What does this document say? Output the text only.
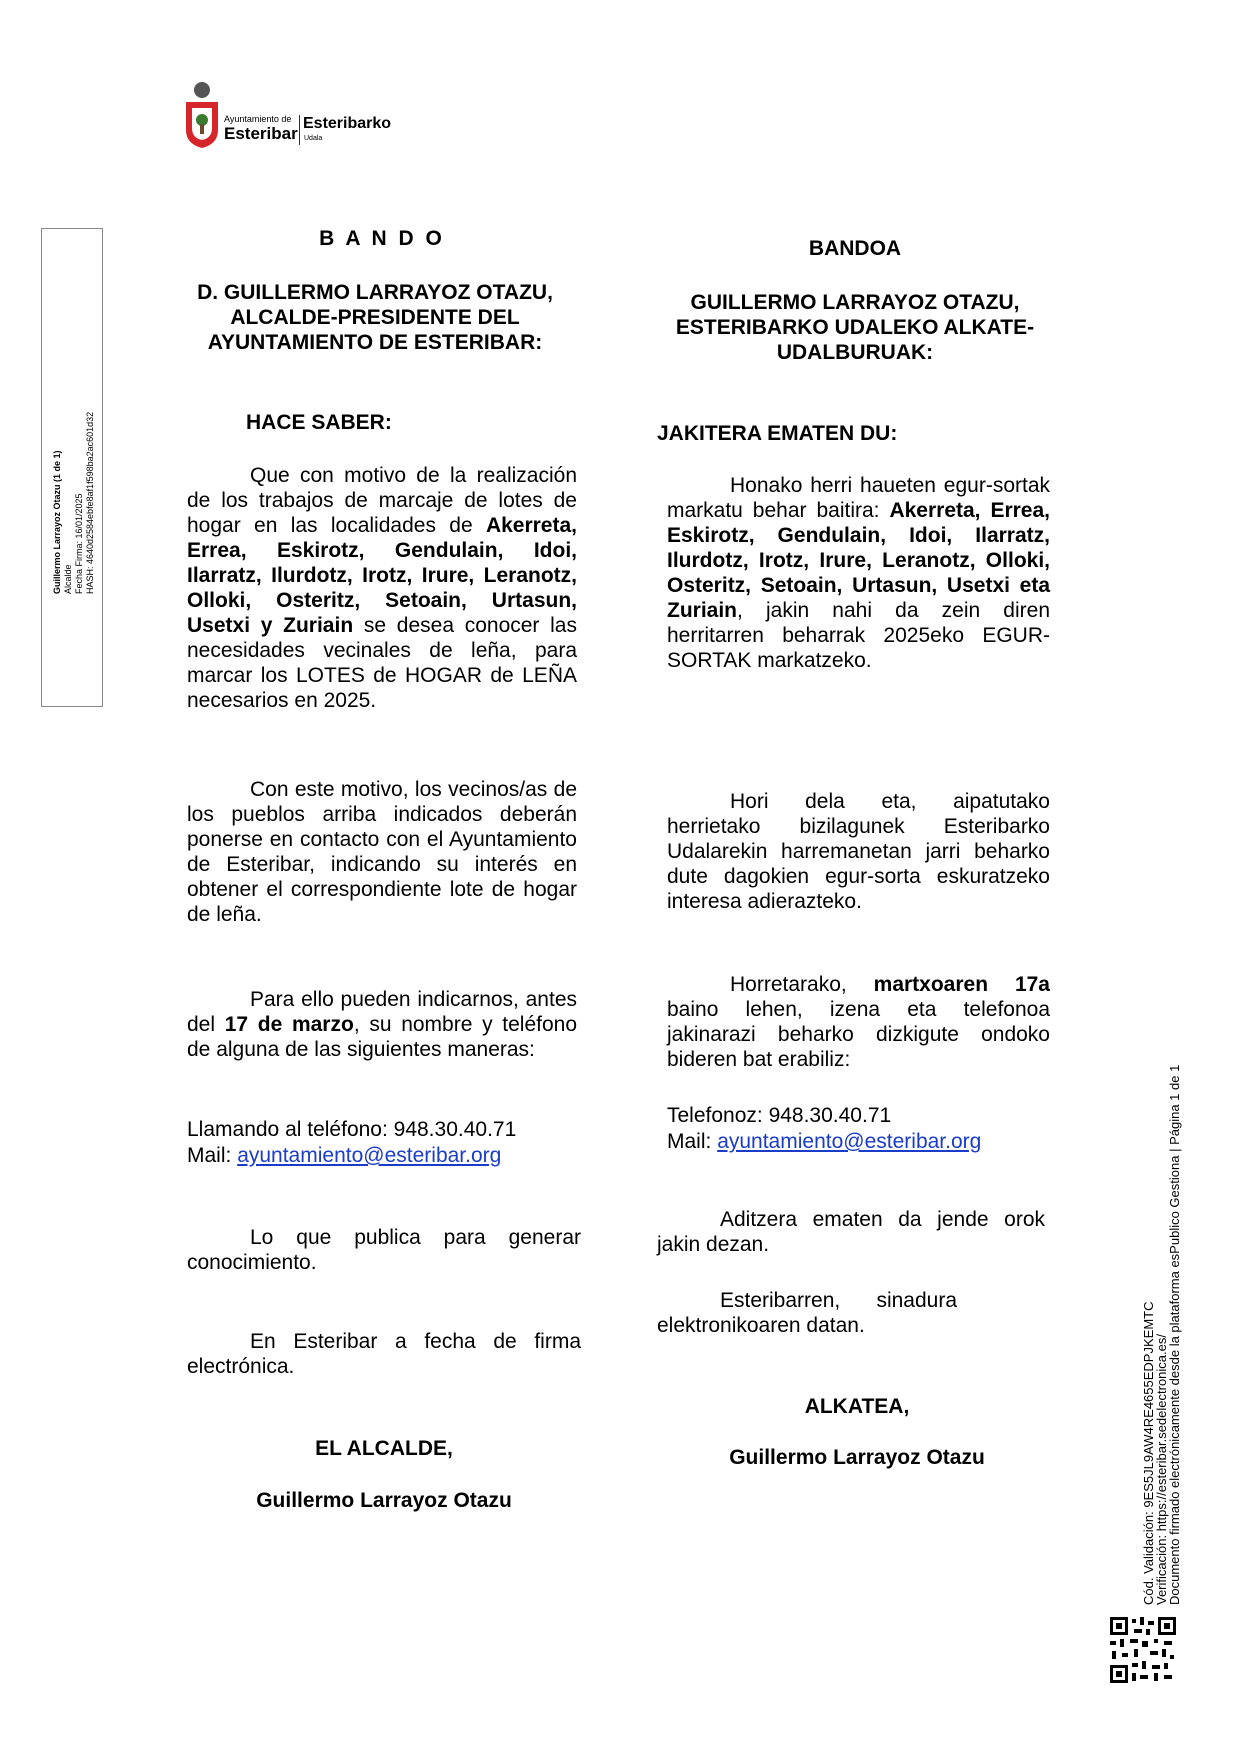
Ayuntamiento de
Esteribar
Esteribarko
Udala
Guillermo Larrayoz Otazu (1 de 1) Alcalde Fecha Firma: 16/01/2025 HASH: 4640d2584ebfe8af1f598ba2ac601d32
B A N D O
D. GUILLERMO LARRAYOZ OTAZU,
ALCALDE-PRESIDENTE DEL
AYUNTAMIENTO DE ESTERIBAR:
HACE SABER:

Que con motivo de la realización de los trabajos de marcaje de lotes de hogar en las localidades de Akerreta, Errea, Eskirotz, Gendulain, Idoi, Ilarratz, Ilurdotz, Irotz, Irure, Leranotz, Olloki, Osteritz, Setoain, Urtasun, Usetxi y Zuriain se desea conocer las necesidades vecinales de leña, para marcar los LOTES de HOGAR de LEÑA necesarios en 2025.

Con este motivo, los vecinos/as de los pueblos arriba indicados deberán ponerse en contacto con el Ayuntamiento de Esteribar, indicando su interés en obtener el correspondiente lote de hogar de leña.

Para ello pueden indicarnos, antes del 17 de marzo, su nombre y teléfono de alguna de las siguientes maneras:

Llamando al teléfono: 948.30.40.71
Mail: ayuntamiento@esteribar.org

Lo que publica para generar conocimiento.

En Esteribar a fecha de firma electrónica.

EL ALCALDE,
Guillermo Larrayoz Otazu
BANDOA
GUILLERMO LARRAYOZ OTAZU,
ESTERIBARKO UDALEKO ALKATE-
UDALBURUAK:
JAKITERA EMATEN DU:

Honako herri haueten egur-sortak markatu behar baitira: Akerreta, Errea, Eskirotz, Gendulain, Idoi, Ilarratz, Ilurdotz, Irotz, Irure, Leranotz, Olloki, Osteritz, Setoain, Urtasun, Usetxi eta Zuriain, jakin nahi da zein diren herritarren beharrak 2025eko EGUR-SORTAK markatzeko.

Hori dela eta, aipatutako herrietako bizilagunek Esteribarko Udalarekin harremanetan jarri beharko dute dagokien egur-sorta eskuratzeko interesa adierazteko.

Horretarako, martxoaren 17a baino lehen, izena eta telefonoa jakinarazi beharko dizkigute ondoko bideren bat erabiliz:

Telefonoz: 948.30.40.71
Mail: ayuntamiento@esteribar.org

Aditzera ematen da jende orok jakin dezan.

Esteribarren, sinadura elektronikoaren datan.

ALKATEA,
Guillermo Larrayoz Otazu	Cód. Validación: 9ES5JL9AW4RE4655EDPJKEMTC
Verificación: https://esteribar.sedelectronica.es/
Documento firmado electrónicamente desde la plataforma esPublico Gestiona | Página 1 de 1
